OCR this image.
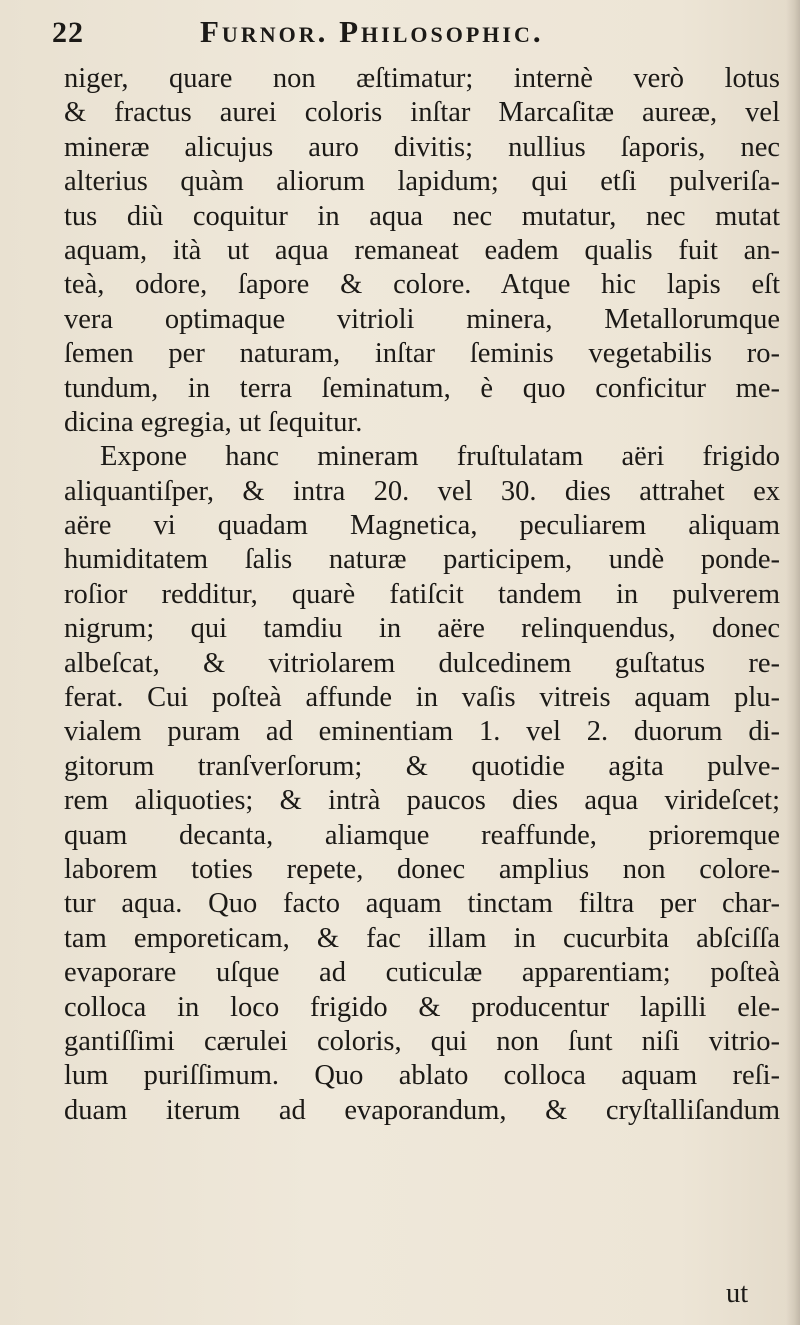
22	Furnor. Philosophic.
niger, quare non æſtimatur; internè verò lotus
& fractus aurei coloris inſtar Marcaſitæ aureæ, vel
mineræ alicujus auro divitis; nullius ſaporis, nec
alterius quàm aliorum lapidum; qui etſi pulveriſa-
tus diù coquitur in aqua nec mutatur, nec mutat
aquam, ità ut aqua remaneat eadem qualis fuit an-
teà, odore, ſapore & colore. Atque hic lapis eſt
vera optimaque vitrioli minera, Metallorumque
ſemen per naturam, inſtar ſeminis vegetabilis ro-
tundum, in terra ſeminatum, è quo conficitur me-
dicina egregia, ut ſequitur.
Expone hanc mineram fruſtulatam aëri frigido
aliquantiſper, & intra 20. vel 30. dies attrahet ex
aëre vi quadam Magnetica, peculiarem aliquam
humiditatem ſalis naturæ participem, undè ponde-
roſior redditur, quarè fatiſcit tandem in pulverem
nigrum; qui tamdiu in aëre relinquendus, donec
albeſcat, & vitriolarem dulcedinem guſtatus re-
ferat. Cui poſteà affunde in vaſis vitreis aquam plu-
vialem puram ad eminentiam 1. vel 2. duorum di-
gitorum tranſverſorum; & quotidie agita pulve-
rem aliquoties; & intrà paucos dies aqua virideſcet;
quam decanta, aliamque reaffunde, prioremque
laborem toties repete, donec amplius non colore-
tur aqua. Quo facto aquam tinctam filtra per char-
tam emporeticam, & fac illam in cucurbita abſciſſa
evaporare uſque ad cuticulæ apparentiam; poſteà
colloca in loco frigido & producentur lapilli ele-
gantiſſimi cærulei coloris, qui non ſunt niſi vitrio-
lum puriſſimum. Quo ablato colloca aquam reſi-
duam iterum ad evaporandum, & cryſtalliſandum
ut
